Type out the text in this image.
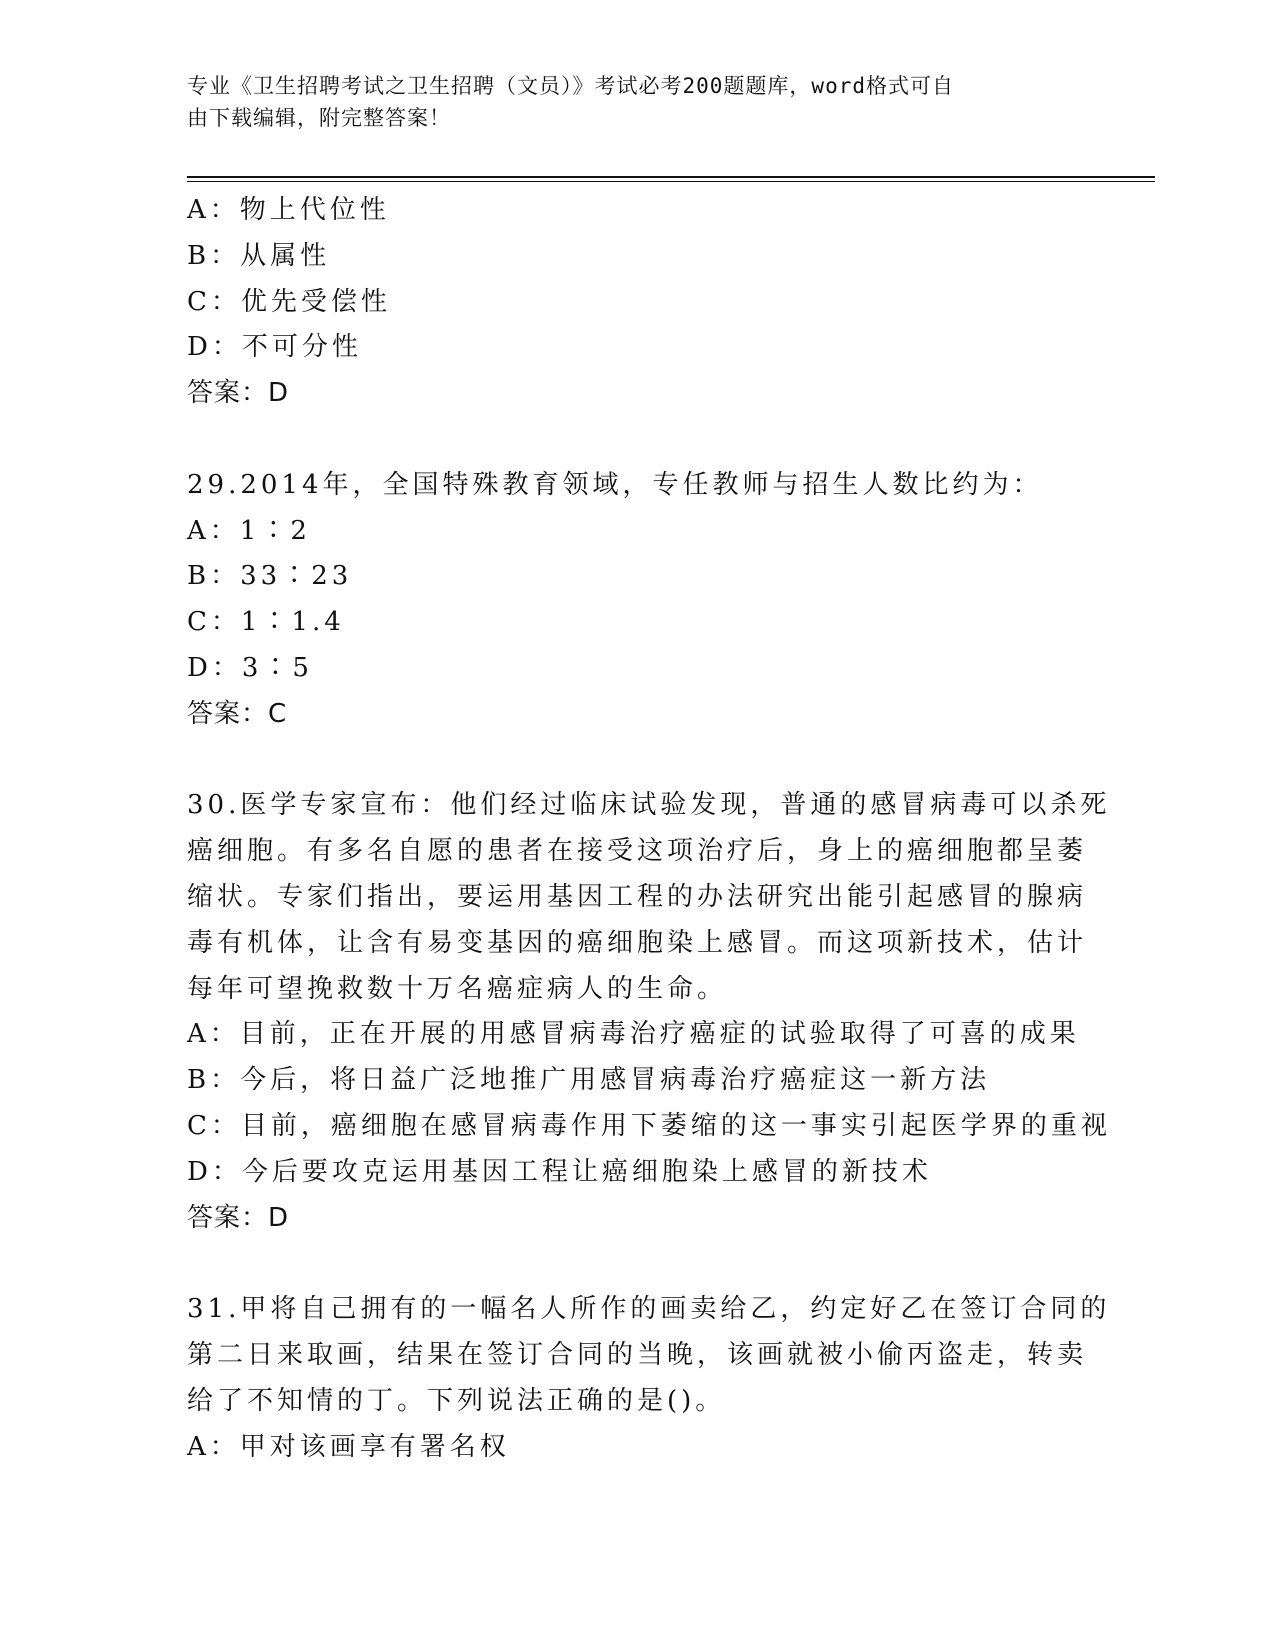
专业《卫生招聘考试之卫生招聘（文员）》考试必考200题题库，word格式可自
由下载编辑，附完整答案！
A：物上代位性
B：从属性
C：优先受偿性
D：不可分性
答案：D
29.2014年，全国特殊教育领域，专任教师与招生人数比约为：
A：1∶2
B：33∶23
C：1∶1.4
D：3∶5
答案：C
30.医学专家宣布：他们经过临床试验发现，普通的感冒病毒可以杀死
癌细胞。有多名自愿的患者在接受这项治疗后，身上的癌细胞都呈萎
缩状。专家们指出，要运用基因工程的办法研究出能引起感冒的腺病
毒有机体，让含有易变基因的癌细胞染上感冒。而这项新技术，估计
每年可望挽救数十万名癌症病人的生命。
A：目前，正在开展的用感冒病毒治疗癌症的试验取得了可喜的成果
B：今后，将日益广泛地推广用感冒病毒治疗癌症这一新方法
C：目前，癌细胞在感冒病毒作用下萎缩的这一事实引起医学界的重视
D：今后要攻克运用基因工程让癌细胞染上感冒的新技术
答案：D
31.甲将自己拥有的一幅名人所作的画卖给乙，约定好乙在签订合同的
第二日来取画，结果在签订合同的当晚，该画就被小偷丙盗走，转卖
给了不知情的丁。下列说法正确的是()。
A：甲对该画享有署名权
